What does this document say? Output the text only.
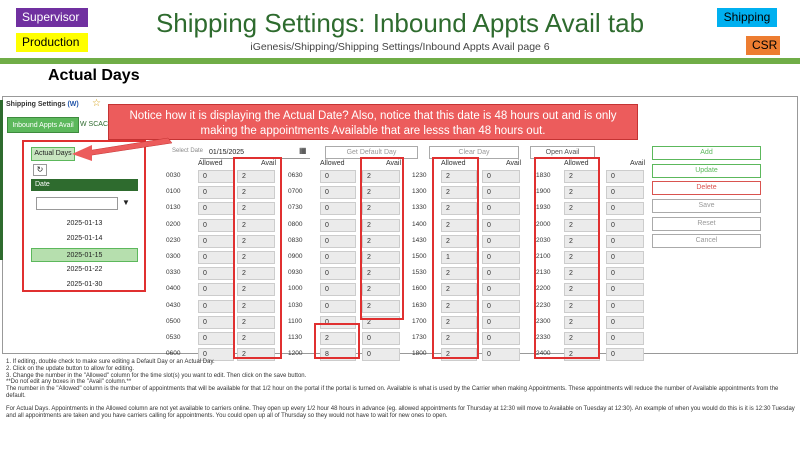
Supervisor
Production
Shipping Settings: Inbound Appts Avail tab
iGenesis/Shipping/Shipping Settings/Inbound Appts Avail page 6
Shipping
CSR
Actual Days
Shipping Settings (W) ☆
Inbound Appts Avail W SCAC
Select Date 01/15/2025	▦	Get Default Day	Clear Day	Open Avail	Add
Update
Delete
Save
Reset
Cancel
Actual Days
↻
Date
▼
2025-01-13
2025-01-14
2025-01-15
2025-01-22
2025-01-30
Allowed	Avail
0030	0	2
0100	0	2
0130	0	2
0200	0	2
0230	0	2
0300	0	2
0330	0	2
0400	0	2
0430	0	2
0500	0	2
0530	0	2
0600	0	2
Allowed	Avail
0630	0	2
0700	0	2
0730	0	2
0800	0	2
0830	0	2
0900	0	2
0930	0	2
1000	0	2
1030	0	2
1100	0	2
1130	2	0
1200	8	0
Allowed	Avail
1230	2	0
1300	2	0
1330	2	0
1400	2	0
1430	2	0
1500	1	0
1530	2	0
1600	2	0
1630	2	0
1700	2	0
1730	2	0
1800	2	0
Allowed	Avail
1830	2	0
1900	2	0
1930	2	0
2000	2	0
2030	2	0
2100	2	0
2130	2	0
2200	2	0
2230	2	0
2300	2	0
2330	2	0
2400	2	0
Notice how it is displaying the Actual Date? Also, notice that this date is 48 hours out and is only making the appointments Available that are lesss than 48 hours out.

1. If editing, double check to make sure editing a Default Day or an Actual Day.

2. Click on the update button to allow for editing.

3. Change the number in the "Allowed" column for the time slot(s) you want to edit. Then click on the save button.

**Do not edit any boxes in the "Avail" column.**

The number in the "Allowed" column is the number of appointments that will be available for that 1/2 hour on the portal if the portal is turned on. Available is what is used by the Carrier when making Appointments. These appointments will reduce the number of Available appointments from the default.

For Actual Days. Appointments in the Allowed column are not yet available to carriers online. They open up every 1/2 hour 48 hours in advance (eg. allowed appointments for Thursday at 12:30 will move to Available on Tuesday at 12:30). An example of when you would do this is it is 12:30 Tuesday and all appointments are taken and you have carriers calling for appointments. You could open up all of Thursday so they would not have to wait for new ones to open.
